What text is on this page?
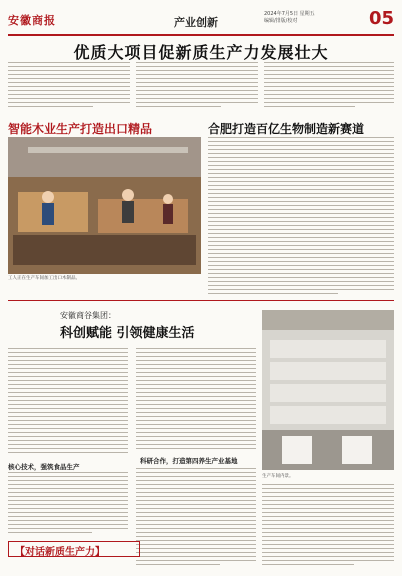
安徽商报	产业创新
2024年7月5日 星期五
编辑/排版/校对	05
优质大项目促新质生产力发展壮大
智能木业生产打造出口精品
工人正在生产车间加工出口木制品。
合肥打造百亿生物制造新赛道
安徽商谷集团：
科创赋能 引领健康生活
核心技术，强筑食品生产
科研合作，打造第四养生产业基地
生产车间内景。
【对话新质生产力】
